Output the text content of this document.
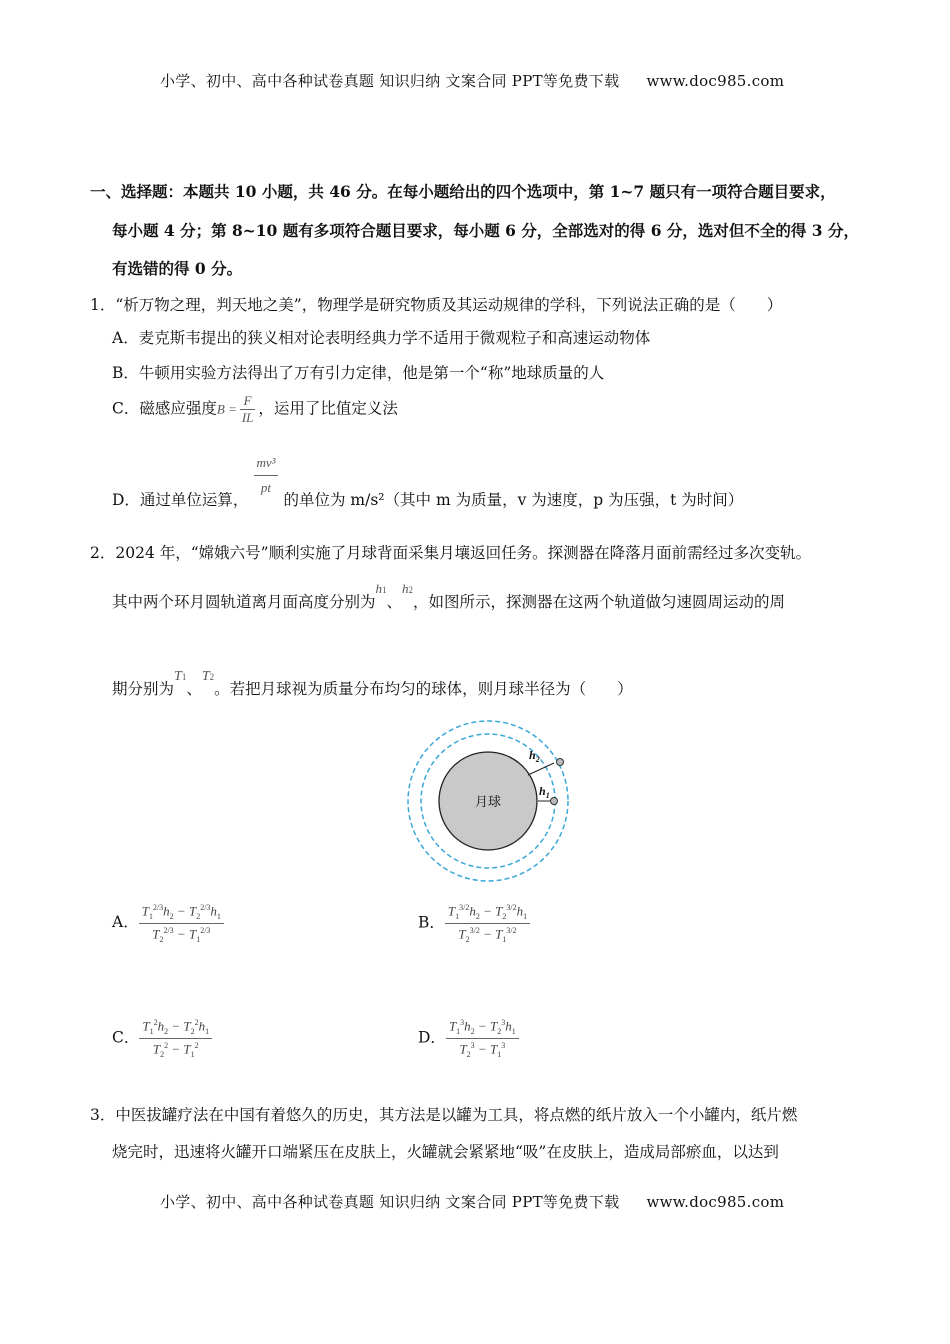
小学、初中、高中各种试卷真题 知识归纳 文案合同 PPT等免费下载 www.doc985.com
一、选择题：本题共 10 小题，共 46 分。在每小题给出的四个选项中，第 1~7 题只有一项符合题目要求，
每小题 4 分；第 8~10 题有多项符合题目要求，每小题 6 分，全部选对的得 6 分，选对但不全的得 3 分，
有选错的得 0 分。
1．“析万物之理，判天地之美”，物理学是研究物质及其运动规律的学科，下列说法正确的是（　　）
A．麦克斯韦提出的狭义相对论表明经典力学不适用于微观粒子和高速运动物体
B．牛顿用实验方法得出了万有引力定律，他是第一个“称”地球质量的人
C．磁感应强度$B = \frac{F}{IL}$ ，运用了比值定义法
D．通过单位运算，
$\frac{\text{mv³}}{pt}$
的单位为 m/s²（其中 m 为质量，v 为速度，p 为压强，t 为时间）
2．2024 年，“嫦娥六号”顺利实施了月球背面采集月壤返回任务。探测器在降落月面前需经过多次变轨。
其中两个环月圆轨道离月面高度分别为$^{h1}$、$^{h2}$，如图所示，探测器在这两个轨道做匀速圆周运动的周
期分别为T1、T2。若把月球视为质量分布均匀的球体，则月球半径为（　　）
月球
$h_2$
$h_1$
A． $\frac{T_1^{2/3}h_2 - T_2^{2/3}h_1}{T_2^{2/3} - T_1^{2/3}}$	B． $\frac{T_1^{3/2}h_2 - T_2^{3/2}h_1}{T_2^{3/2} - T_1^{3/2}}$
C． $\frac{T_1^2h_2 - T_2^2h_1}{T_2^2 - T_1^2}$	D． $\frac{T_1^3h_2 - T_2^3h_1}{T_2^3 - T_1^3}$
3．中医拔罐疗法在中国有着悠久的历史，其方法是以罐为工具，将点燃的纸片放入一个小罐内，纸片燃
烧完时，迅速将火罐开口端紧压在皮肤上，火罐就会紧紧地“吸”在皮肤上，造成局部瘀血，以达到
小学、初中、高中各种试卷真题 知识归纳 文案合同 PPT等免费下载 www.doc985.com
